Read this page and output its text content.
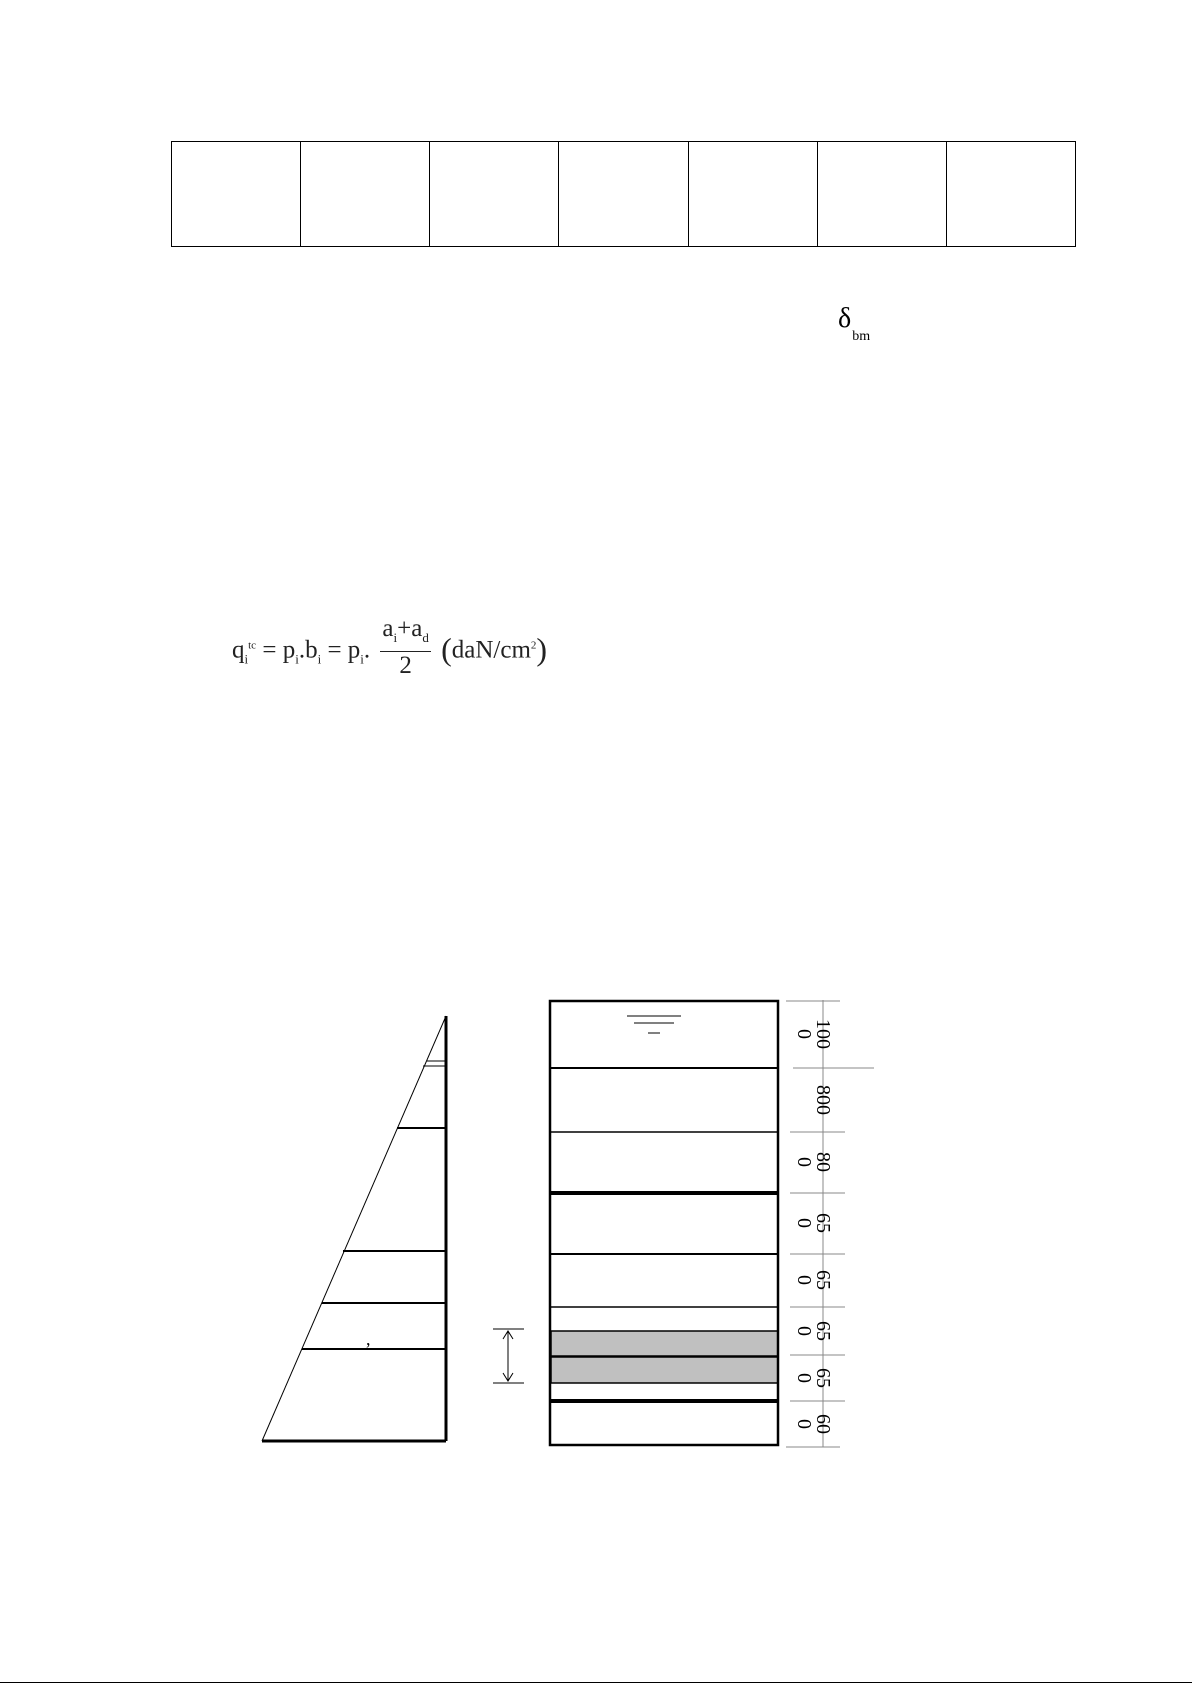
$\delta_{bm}$
$q_i^{tc} = p_i.b_i = p_i$. $\frac{a_i+a_d}{2} (daN/cm^2)$
,
0
100
800
0
80
0
65
0
65
0
65
0
65
0
60
